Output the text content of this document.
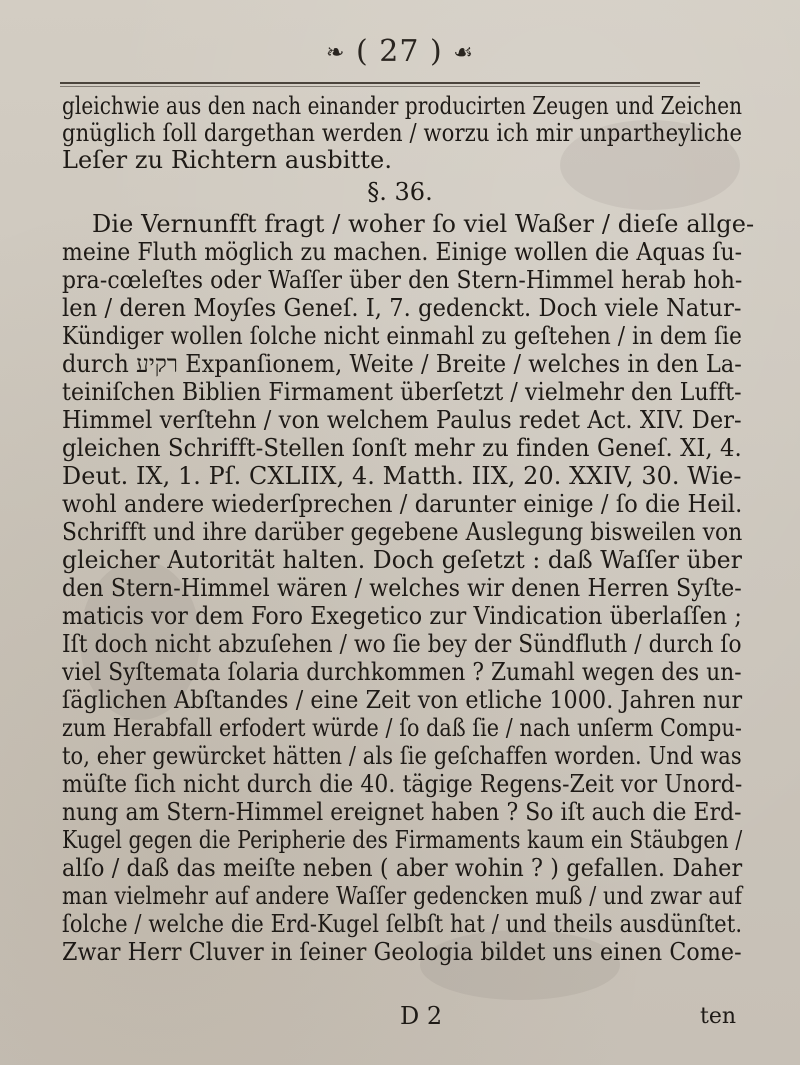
❧ ( 27 ) ☙
gleichwie aus den nach einander producirten Zeugen und Zeichen
gnüglich ſoll dargethan werden / worzu ich mir unpartheyliche
Leſer zu Richtern ausbitte.
§. 36.
Die Vernunfft fragt / woher ſo viel Waßer / dieſe allge-
meine Fluth möglich zu machen. Einige wollen die Aquas ſu-
pra-cœleſtes oder Waſſer über den Stern-Himmel herab hoh-
len / deren Moyſes Geneſ. I, 7. gedenckt. Doch viele Natur-
Kündiger wollen ſolche nicht einmahl zu geſtehen / in dem ſie
durch רקיע Expanſionem, Weite / Breite / welches in den La-
teiniſchen Biblien Firmament überſetzt / vielmehr den Lufft-
Himmel verſtehn / von welchem Paulus redet Act. XIV. Der-
gleichen Schrifft-Stellen ſonſt mehr zu finden Geneſ. XI, 4.
Deut. IX, 1. Pſ. CXLIIX, 4. Matth. IIX, 20. XXIV, 30. Wie-
wohl andere wiederſprechen / darunter einige / ſo die Heil.
Schrifft und ihre darüber gegebene Auslegung bisweilen von
gleicher Autorität halten. Doch geſetzt : daß Waſſer über
den Stern-Himmel wären / welches wir denen Herren Syſte-
maticis vor dem Foro Exegetico zur Vindication überlaſſen ;
Iſt doch nicht abzuſehen / wo ſie bey der Sündfluth / durch ſo
viel Syſtemata ſolaria durchkommen ? Zumahl wegen des un-
ſäglichen Abſtandes / eine Zeit von etliche 1000. Jahren nur
zum Herabfall erfodert würde / ſo daß ſie / nach unſerm Compu-
to, eher gewürcket hätten / als ſie geſchaffen worden. Und was
müſte ſich nicht durch die 40. tägige Regens-Zeit vor Unord-
nung am Stern-Himmel ereignet haben ? So iſt auch die Erd-
Kugel gegen die Peripherie des Firmaments kaum ein Stäubgen /
alſo / daß das meiſte neben ( aber wohin ? ) gefallen. Daher
man vielmehr auf andere Waſſer gedencken muß / und zwar auf
ſolche / welche die Erd-Kugel ſelbſt hat / und theils ausdünſtet.
Zwar Herr Cluver in ſeiner Geologia bildet uns einen Come-
D 2	ten
